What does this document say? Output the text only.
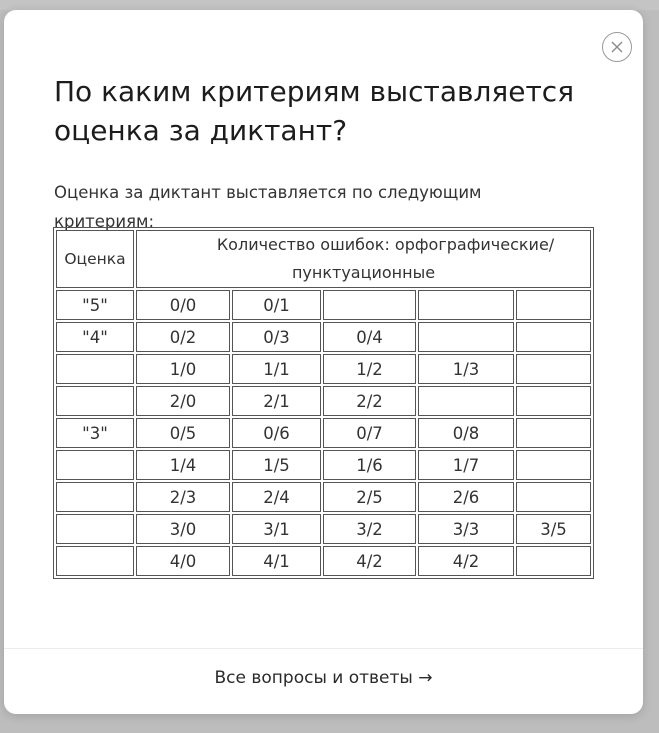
По каким критериям выставляется оценка за диктант?

Оценка за диктант выставляется по следующим критериям:

Оценка	Количество ошибок: орфографические/пунктуационные				

"5"	0/0	0/1			
"4"	0/2	0/3	0/4		
	1/0	1/1	1/2	1/3	
	2/0	2/1	2/2		
"3"	0/5	0/6	0/7	0/8	
	1/4	1/5	1/6	1/7	
	2/3	2/4	2/5	2/6	
	3/0	3/1	3/2	3/3	3/5
	4/0	4/1	4/2	4/2	
Все вопросы и ответы →
